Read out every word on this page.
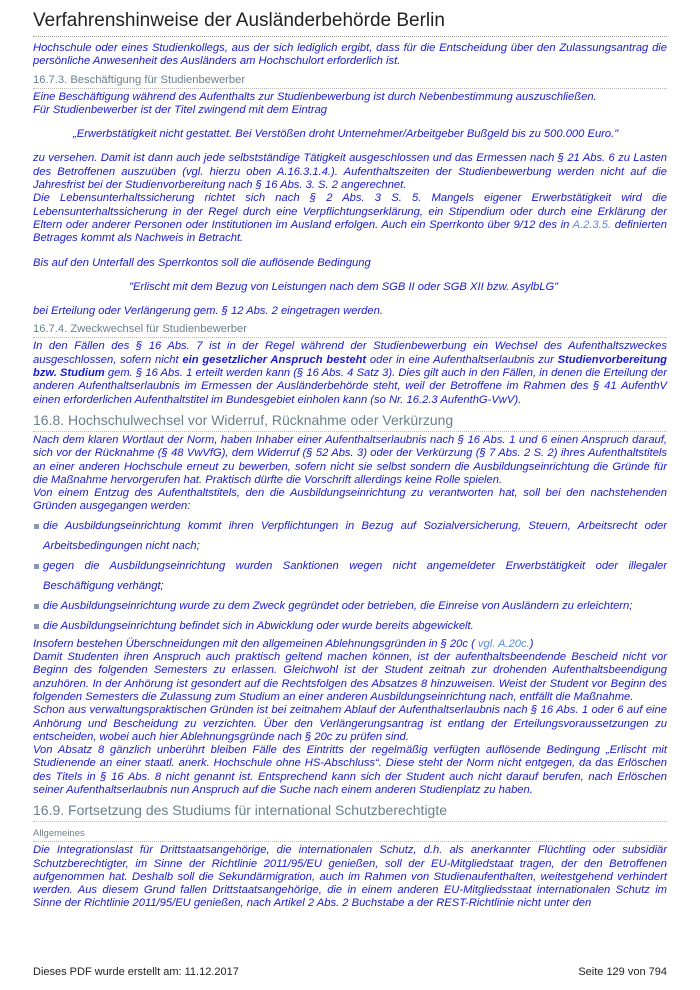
Verfahrenshinweise der Ausländerbehörde Berlin

Hochschule oder eines Studienkollegs, aus der sich lediglich ergibt, dass für die Entscheidung über den Zulassungsantrag die persönliche Anwesenheit des Ausländers am Hochschulort erforderlich ist.

16.7.3. Beschäftigung für Studienbewerber

Eine Beschäftigung während des Aufenthalts zur Studienbewerbung ist durch Nebenbestimmung auszuschließen.

Für Studienbewerber ist der Titel zwingend mit dem Eintrag

„Erwerbstätigkeit nicht gestattet. Bei Verstößen droht Unternehmer/Arbeitgeber Bußgeld bis zu 500.000 Euro."

zu versehen. Damit ist dann auch jede selbstständige Tätigkeit ausgeschlossen und das Ermessen nach § 21 Abs. 6 zu Lasten des Betroffenen auszuüben (vgl. hierzu oben A.16.3.1.4.). Aufenthaltszeiten der Studienbewerbung werden nicht auf die Jahresfrist bei der Studienvorbereitung nach § 16 Abs. 3. S. 2 angerechnet.

Die Lebensunterhaltssicherung richtet sich nach § 2 Abs. 3 S. 5. Mangels eigener Erwerbstätigkeit wird die Lebensunterhaltssicherung in der Regel durch eine Verpflichtungserklärung, ein Stipendium oder durch eine Erklärung der Eltern oder anderer Personen oder Institutionen im Ausland erfolgen. Auch ein Sperrkonto über 9/12 des in A.2.3.5. definierten Betrages kommt als Nachweis in Betracht.

Bis auf den Unterfall des Sperrkontos soll die auflösende Bedingung

"Erlischt mit dem Bezug von Leistungen nach dem SGB II oder SGB XII bzw. AsylbLG"

bei Erteilung oder Verlängerung gem. § 12 Abs. 2 eingetragen werden.

16.7.4. Zweckwechsel für Studienbewerber

In den Fällen des § 16 Abs. 7 ist in der Regel während der Studienbewerbung ein Wechsel des Aufenthaltszweckes ausgeschlossen, sofern nicht ein gesetzlicher Anspruch besteht oder in eine Aufenthaltserlaubnis zur Studienvorbereitung bzw. Studium gem. § 16 Abs. 1 erteilt werden kann (§ 16 Abs. 4 Satz 3). Dies gilt auch in den Fällen, in denen die Erteilung der anderen Aufenthaltserlaubnis im Ermessen der Ausländerbehörde steht, weil der Betroffene im Rahmen des § 41 AufenthV einen erforderlichen Aufenthaltstitel im Bundesgebiet einholen kann (so Nr. 16.2.3 AufenthG-VwV).

16.8. Hochschulwechsel vor Widerruf, Rücknahme oder Verkürzung

Nach dem klaren Wortlaut der Norm, haben Inhaber einer Aufenthaltserlaubnis nach § 16 Abs. 1 und 6 einen Anspruch darauf, sich vor der Rücknahme (§ 48 VwVfG), dem Widerruf (§ 52 Abs. 3) oder der Verkürzung (§ 7 Abs. 2 S. 2) ihres Aufenthaltstitels an einer anderen Hochschule erneut zu bewerben, sofern nicht sie selbst sondern die Ausbildungseinrichtung die Gründe für die Maßnahme hervorgerufen hat. Praktisch dürfte die Vorschrift allerdings keine Rolle spielen.

Von einem Entzug des Aufenthaltstitels, den die Ausbildungseinrichtung zu verantworten hat, soll bei den nachstehenden Gründen ausgegangen werden:

die Ausbildungseinrichtung kommt ihren Verpflichtungen in Bezug auf Sozialversicherung, Steuern, Arbeitsrecht oder Arbeitsbedingungen nicht nach;
gegen die Ausbildungseinrichtung wurden Sanktionen wegen nicht angemeldeter Erwerbstätigkeit oder illegaler Beschäftigung verhängt;
die Ausbildungseinrichtung wurde zu dem Zweck gegründet oder betrieben, die Einreise von Ausländern zu erleichtern;
die Ausbildungseinrichtung befindet sich in Abwicklung oder wurde bereits abgewickelt.

Insofern bestehen Überschneidungen mit den allgemeinen Ablehnungsgründen in § 20c ( vgl. A.20c.)

Damit Studenten ihren Anspruch auch praktisch geltend machen können, ist der aufenthaltsbeendende Bescheid nicht vor Beginn des folgenden Semesters zu erlassen. Gleichwohl ist der Student zeitnah zur drohenden Aufenthaltsbeendigung anzuhören. In der Anhörung ist gesondert auf die Rechtsfolgen des Absatzes 8 hinzuweisen. Weist der Student vor Beginn des folgenden Semesters die Zulassung zum Studium an einer anderen Ausbildungseinrichtung nach, entfällt die Maßnahme.

Schon aus verwaltungspraktischen Gründen ist bei zeitnahem Ablauf der Aufenthaltserlaubnis nach § 16 Abs. 1 oder 6 auf eine Anhörung und Bescheidung zu verzichten. Über den Verlängerungsantrag ist entlang der Erteilungsvoraussetzungen zu entscheiden, wobei auch hier Ablehnungsgründe nach § 20c zu prüfen sind.

Von Absatz 8 gänzlich unberührt bleiben Fälle des Eintritts der regelmäßig verfügten auflösende Bedingung „Erlischt mit Studienende an einer staatl. anerk. Hochschule ohne HS-Abschluss“. Diese steht der Norm nicht entgegen, da das Erlöschen des Titels in § 16 Abs. 8 nicht genannt ist. Entsprechend kann sich der Student auch nicht darauf berufen, nach Erlöschen seiner Aufenthaltserlaubnis nun Anspruch auf die Suche nach einem anderen Studienplatz zu haben.

16.9. Fortsetzung des Studiums für international Schutzberechtigte
Allgemeines

Die Integrationslast für Drittstaatsangehörige, die internationalen Schutz, d.h. als anerkannter Flüchtling oder subsidiär Schutzberechtigter, im Sinne der Richtlinie 2011/95/EU genießen, soll der EU-Mitgliedstaat tragen, der den Betroffenen aufgenommen hat. Deshalb soll die Sekundärmigration, auch im Rahmen von Studienaufenthalten, weitestgehend verhindert werden. Aus diesem Grund fallen Drittstaatsangehörige, die in einem anderen EU-Mitgliedsstaat internationalen Schutz im Sinne der Richtlinie 2011/95/EU genießen, nach Artikel 2 Abs. 2 Buchstabe a der REST-Richtlinie nicht unter den

Dieses PDF wurde erstellt am: 11.12.2017	Seite 129 von 794
